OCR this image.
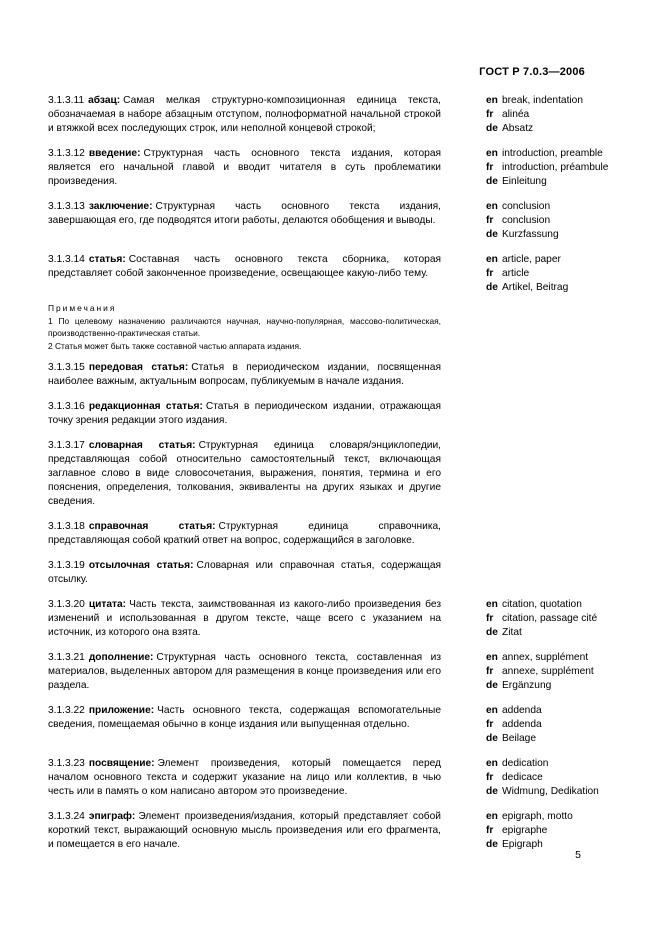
ГОСТ Р 7.0.3—2006
3.1.3.11 абзац: Самая мелкая структурно-композиционная единица текста, обозначаемая в наборе абзацным отступом, полноформатной начальной строкой и втяжкой всех последующих строк, или неполной концевой строкой;
en break, indentation
fr alinéa
de Absatz
3.1.3.12 введение: Структурная часть основного текста издания, которая является его начальной главой и вводит читателя в суть проблематики произведения.
en introduction, preamble
fr introduction, préambule
de Einleitung
3.1.3.13 заключение: Структурная часть основного текста издания, завершающая его, где подводятся итоги работы, делаются обобщения и выводы.
en conclusion
fr conclusion
de Kurzfassung
3.1.3.14 статья: Составная часть основного текста сборника, которая представляет собой законченное произведение, освещающее какую-либо тему.
en article, paper
fr article
de Artikel, Beitrag
Примечания
1 По целевому назначению различаются научная, научно-популярная, массово-политическая, производственно-практическая статьи.
2 Статья может быть также составной частью аппарата издания.
3.1.3.15 передовая статья: Статья в периодическом издании, посвященная наиболее важным, актуальным вопросам, публикуемым в начале издания.
3.1.3.16 редакционная статья: Статья в периодическом издании, отражающая точку зрения редакции этого издания.
3.1.3.17 словарная статья: Структурная единица словаря/энциклопедии, представляющая собой относительно самостоятельный текст, включающая заглавное слово в виде словосочетания, выражения, понятия, термина и его пояснения, определения, толкования, эквиваленты на других языках и другие сведения.
3.1.3.18 справочная статья: Структурная единица справочника, представляющая собой краткий ответ на вопрос, содержащийся в заголовке.
3.1.3.19 отсылочная статья: Словарная или справочная статья, содержащая отсылку.
3.1.3.20 цитата: Часть текста, заимствованная из какого-либо произведения без изменений и использованная в другом тексте, чаще всего с указанием на источник, из которого она взята.
en citation, quotation
fr citation, passage cité
de Zitat
3.1.3.21 дополнение: Структурная часть основного текста, составленная из материалов, выделенных автором для размещения в конце произведения или его раздела.
en annex, supplément
fr annexe, supplément
de Ergänzung
3.1.3.22 приложение: Часть основного текста, содержащая вспомогательные сведения, помещаемая обычно в конце издания или выпущенная отдельно.
en addenda
fr addenda
de Beilage
3.1.3.23 посвящение: Элемент произведения, который помещается перед началом основного текста и содержит указание на лицо или коллектив, в чью честь или в память о ком написано автором это произведение.
en dedication
fr dedicace
de Widmung, Dedikation
3.1.3.24 эпиграф: Элемент произведения/издания, который представляет собой короткий текст, выражающий основную мысль произведения или его фрагмента, и помещается в его начале.
en epigraph, motto
fr epigraphe
de Epigraph
5
